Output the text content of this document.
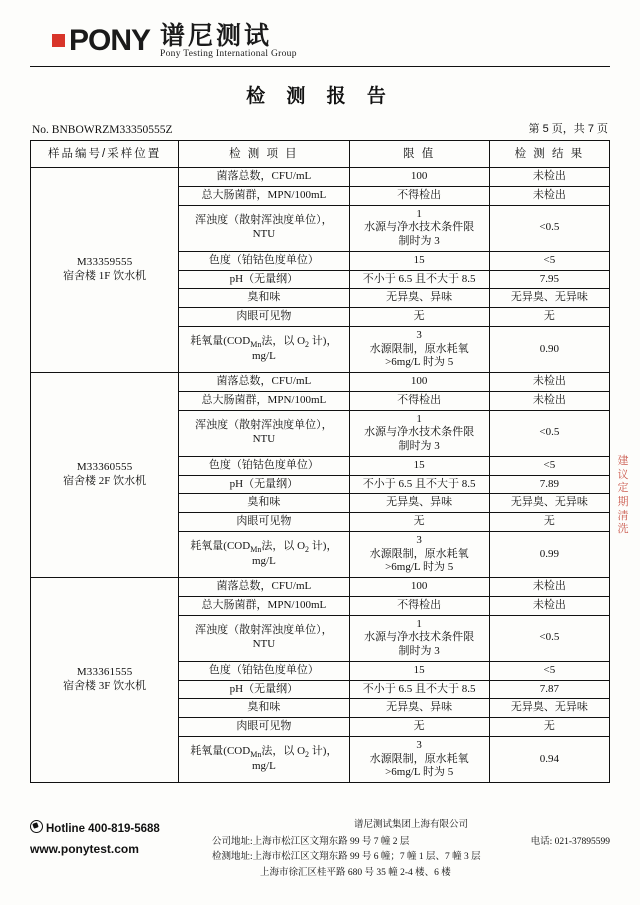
PONY 谱尼测试
Pony Testing International Group
检 测 报 告
No. BNBOWRZM33350555Z	第 5 页，共 7 页
样品编号/采样位置	检 测 项 目	限 值	检 测 结 果

M33359555
宿舍楼 1F 饮水机	菌落总数，CFU/mL	100	未检出
	总大肠菌群，MPN/100mL	不得检出	未检出
	浑浊度（散射浑浊度单位），
NTU	1
水源与净水技术条件限
制时为 3	<0.5
	色度（铂钴色度单位）	15	<5
	pH（无量纲）	不小于 6.5 且不大于 8.5	7.95
	臭和味	无异臭、异味	无异臭、无异味
	肉眼可见物	无	无
	耗氧量($COD_{Mn}$法，以 $O_2$ 计)，
mg/L	3
水源限制，原水耗氧
>6mg/L 时为 5	0.90

M33360555
宿舍楼 2F 饮水机	菌落总数，CFU/mL	100	未检出
	总大肠菌群，MPN/100mL	不得检出	未检出
	浑浊度（散射浑浊度单位），
NTU	1
水源与净水技术条件限
制时为 3	<0.5
	色度（铂钴色度单位）	15	<5
	pH（无量纲）	不小于 6.5 且不大于 8.5	7.89
	臭和味	无异臭、异味	无异臭、无异味
	肉眼可见物	无	无
	耗氧量($COD_{Mn}$法，以 $O_2$ 计)，
mg/L	3
水源限制，原水耗氧
>6mg/L 时为 5	0.99

M33361555
宿舍楼 3F 饮水机	菌落总数，CFU/mL	100	未检出
	总大肠菌群，MPN/100mL	不得检出	未检出
	浑浊度（散射浑浊度单位），
NTU	1
水源与净水技术条件限
制时为 3	<0.5
	色度（铂钴色度单位）	15	<5
	pH（无量纲）	不小于 6.5 且不大于 8.5	7.87
	臭和味	无异臭、异味	无异臭、无异味
	肉眼可见物	无	无
	耗氧量($COD_{Mn}$法，以 $O_2$ 计)，
mg/L	3
水源限制，原水耗氧
>6mg/L 时为 5	0.94
建
议
定
期
清
洗
Hotline 400-819-5688
www.ponytest.com
谱尼测试集团上海有限公司
公司地址: 上海市松江区文翔东路 99 号 7 幢 2 层	电话: 021-37895599
检测地址: 上海市松江区文翔东路 99 号 6 幢；7 幢 1 层、7 幢 3 层
上海市徐汇区桂平路 680 号 35 幢 2-4 楼、6 楼
